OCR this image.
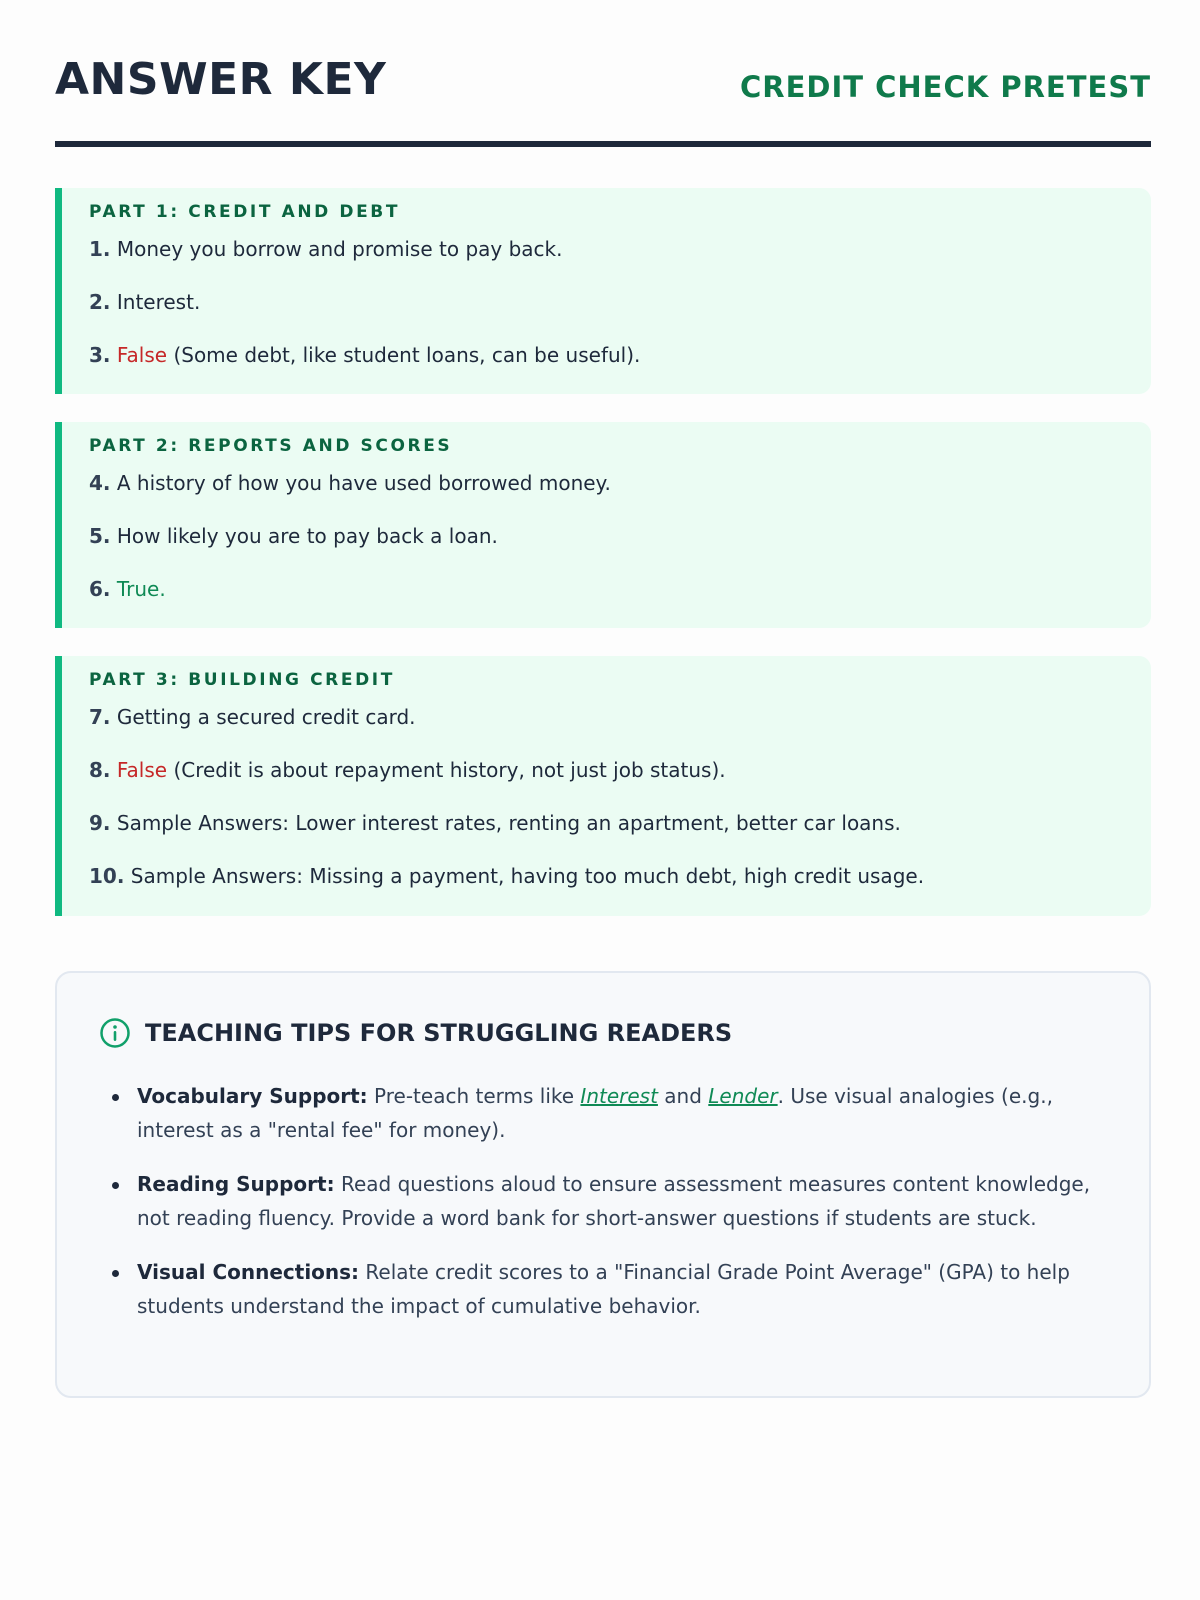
ANSWER KEY	CREDIT CHECK PRETEST
PART 1: CREDIT AND DEBT
1. Money you borrow and promise to pay back.
2. Interest.
3. False (Some debt, like student loans, can be useful).
PART 2: REPORTS AND SCORES
4. A history of how you have used borrowed money.
5. How likely you are to pay back a loan.
6. True.
PART 3: BUILDING CREDIT
7. Getting a secured credit card.
8. False (Credit is about repayment history, not just job status).
9. Sample Answers: Lower interest rates, renting an apartment, better car loans.
10. Sample Answers: Missing a payment, having too much debt, high credit usage.
TEACHING TIPS FOR STRUGGLING READERS
Vocabulary Support: Pre-teach terms like Interest and Lender. Use visual analogies (e.g., interest as a "rental fee" for money).
Reading Support: Read questions aloud to ensure assessment measures content knowledge, not reading fluency. Provide a word bank for short-answer questions if students are stuck.
Visual Connections: Relate credit scores to a "Financial Grade Point Average" (GPA) to help students understand the impact of cumulative behavior.
